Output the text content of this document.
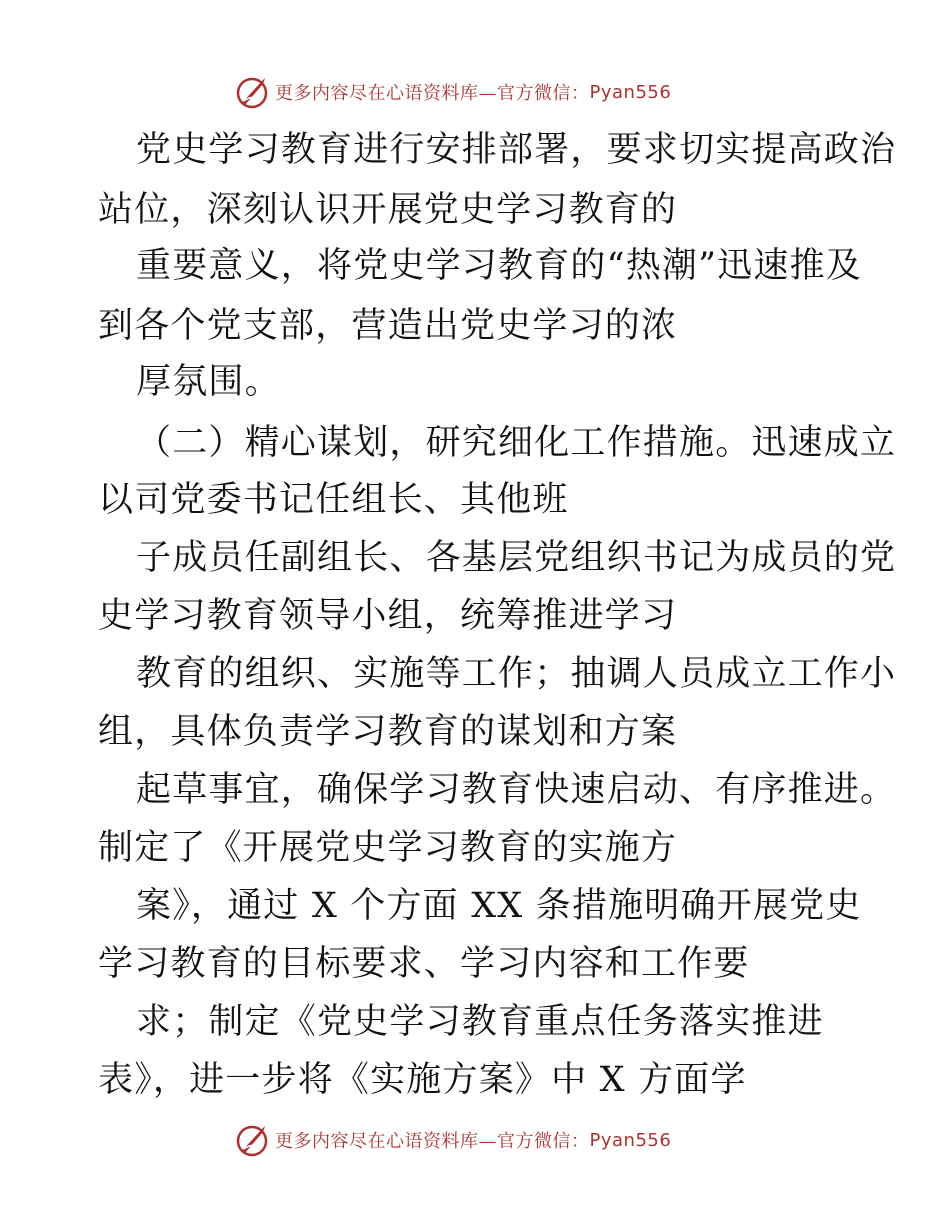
更多内容尽在心语资料库—官方微信： Pyan556
党史学习教育进行安排部署，要求切实提高政治
站位，深刻认识开展党史学习教育的
重要意义，将党史学习教育的“热潮”迅速推及
到各个党支部，营造出党史学习的浓
厚氛围。
（二）精心谋划，研究细化工作措施。迅速成立
以司党委书记任组长、其他班
子成员任副组长、各基层党组织书记为成员的党
史学习教育领导小组，统筹推进学习
教育的组织、实施等工作；抽调人员成立工作小
组，具体负责学习教育的谋划和方案
起草事宜，确保学习教育快速启动、有序推进。
制定了《开展党史学习教育的实施方
案》，通过 X 个方面 XX 条措施明确开展党史
学习教育的目标要求、学习内容和工作要
求；制定《党史学习教育重点任务落实推进
表》，进一步将《实施方案》中 X 方面学
更多内容尽在心语资料库—官方微信： Pyan556
